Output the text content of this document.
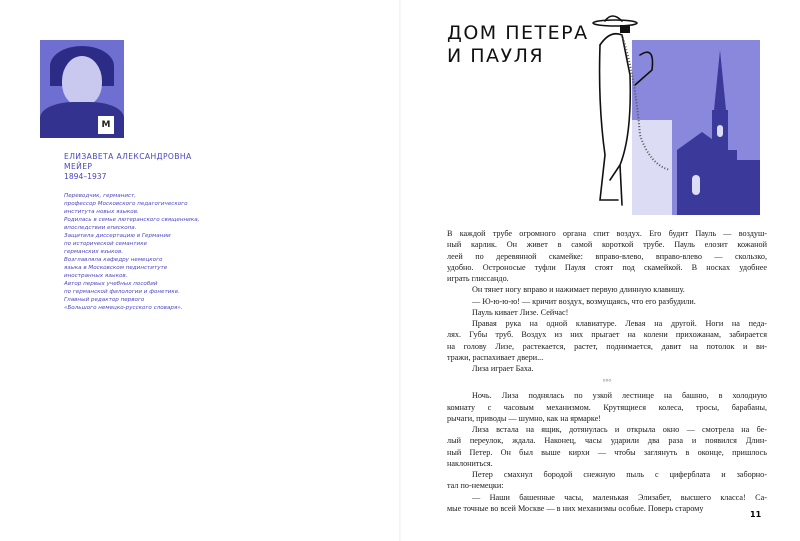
М
ЕЛИЗАВЕТА АЛЕКСАНДРОВНА
МЕЙЕР
1894–1937
Переводчик, германист,
профессор Московского педагогического
института новых языков.
Родилась в семье лютеранского священника,
впоследствии епископа.
Защитила диссертацию в Германии
по исторической семантике
германских языков.
Возглавляла кафедру немецкого
языка в Московском пединституте
иностранных языков.
Автор первых учебных пособий
по германской филологии и фонетике.
Главный редактор первого
«Большого немецко-русского словаря».
ДОМ ПЕТЕРА
И ПАУЛЯ
В каждой трубе огромного органа спит воздух. Его будит Пауль — воздуш-
ный карлик. Он живет в самой короткой трубе. Пауль елозит кожаной
леей по деревянной скамейке: вправо-влево, вправо-влево — скользко,
удобно. Остроносые туфли Пауля стоят под скамейкой. В носках удобнее
играть глиссандо.
Он тянет ногу вправо и нажимает первую длинную клавишу.
— Ю-ю-ю-ю! — кричит воздух, возмущаясь, что его разбудили.
Пауль кивает Лизе. Сейчас!
Правая рука на одной клавиатуре. Левая на другой. Ноги на педа-
лях. Губы труб. Воздух из них прыгает на колени прихожанам, забирается
на голову Лизе, растекается, растет, поднимается, давит на потолок и ви-
тражи, распахивает двери...
Лиза играет Баха.
°°°
Ночь. Лиза поднялась по узкой лестнице на башню, в холодную
комнату с часовым механизмом. Крутящиеся колеса, тросы, барабаны,
рычаги, приводы — шумно, как на ярмарке!
Лиза встала на ящик, дотянулась и открыла окно — смотрела на бе-
лый переулок, ждала. Наконец, часы ударили два раза и появился Длин-
ный Петер. Он был выше кирхи — чтобы заглянуть в оконце, пришлось
наклониться.
Петер смахнул бородой снежную пыль с циферблата и заборно-
тал по-немецки:
— Наши башенные часы, маленькая Элизабет, высшего класса! Са-
мые точные во всей Москве — в них механизмы особые. Поверь старому
11
